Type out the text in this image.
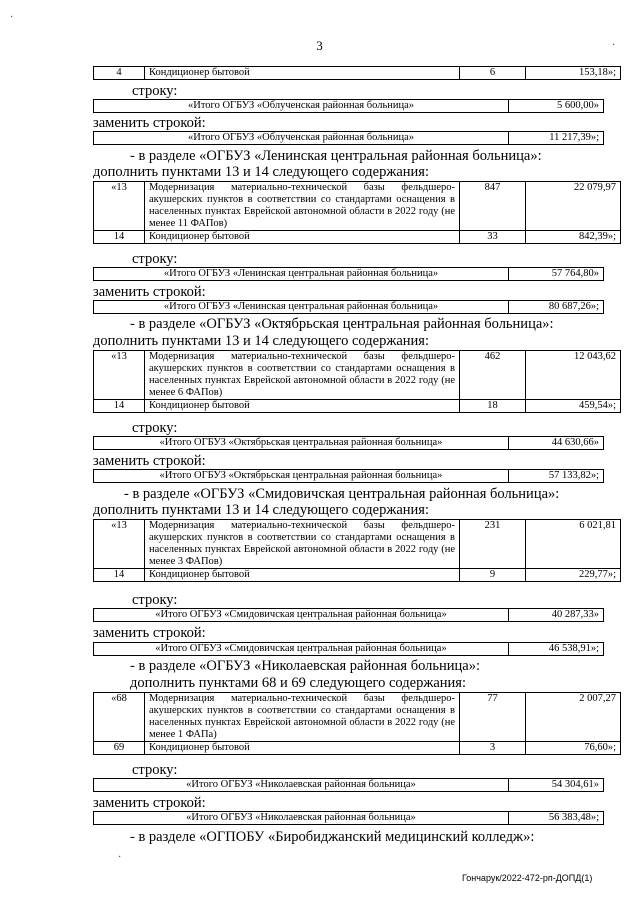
3
4	Кондиционер бытовой	6	153,18»;
строку:
«Итого ОГБУЗ «Облученская районная больница»	5 600,00»
заменить строкой:
«Итого ОГБУЗ «Облученская районная больница»	11 217,39»;
- в разделе «ОГБУЗ «Ленинская центральная районная больница»:
дополнить пунктами 13 и 14 следующего содержания:
«13	Модернизация материально-технической базы фельдшеро-акушерских пунктов в соответствии со стандартами оснащения в населенных пунктах Еврейской автономной области в 2022 году (не менее 11 ФАПов)	847	22 079,97
14	Кондиционер бытовой	33	842,39»;
строку:
«Итого ОГБУЗ «Ленинская центральная районная больница»	57 764,80»
заменить строкой:
«Итого ОГБУЗ «Ленинская центральная районная больница»	80 687,26»;
- в разделе «ОГБУЗ «Октябрьская центральная районная больница»:
дополнить пунктами 13 и 14 следующего содержания:
«13	Модернизация материально-технической базы фельдшеро-акушерских пунктов в соответствии со стандартами оснащения в населенных пунктах Еврейской автономной области в 2022 году (не менее 6 ФАПов)	462	12 043,62
14	Кондиционер бытовой	18	459,54»;
строку:
«Итого ОГБУЗ «Октябрьская центральная районная больница»	44 630,66»
заменить строкой:
«Итого ОГБУЗ «Октябрьская центральная районная больница»	57 133,82»;
- в разделе «ОГБУЗ «Смидовичская центральная районная больница»:
дополнить пунктами 13 и 14 следующего содержания:
«13	Модернизация материально-технической базы фельдшеро-акушерских пунктов в соответствии со стандартами оснащения в населенных пунктах Еврейской автономной области в 2022 году (не менее 3 ФАПов)	231	6 021,81
14	Кондиционер бытовой	9	229,77»;
строку:
«Итого ОГБУЗ «Смидовичская центральная районная больница»	40 287,33»
заменить строкой:
«Итого ОГБУЗ «Смидовичская центральная районная больница»	46 538,91»;
- в разделе «ОГБУЗ «Николаевская районная больница»:
дополнить пунктами 68 и 69 следующего содержания:
«68	Модернизация материально-технической базы фельдшеро-акушерских пунктов в соответствии со стандартами оснащения в населенных пунктах Еврейской автономной области в 2022 году (не менее 1 ФАПа)	77	2 007,27
69	Кондиционер бытовой	3	76,60»;
строку:
«Итого ОГБУЗ «Николаевская районная больница»	54 304,61»
заменить строкой:
«Итого ОГБУЗ «Николаевская районная больница»	56 383,48»;
- в разделе «ОГПОБУ «Биробиджанский медицинский колледж»:
Гончарук/2022-472-рп-ДОПД(1)
·
·
·
